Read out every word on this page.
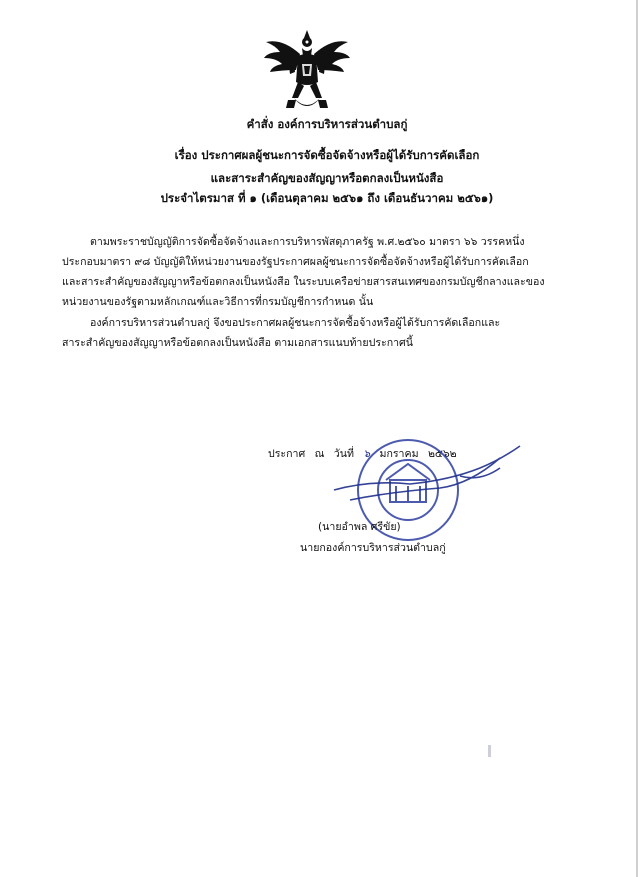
คำสั่ง องค์การบริหารส่วนตำบลกู่
เรื่อง ประกาศผลผู้ชนะการจัดซื้อจัดจ้างหรือผู้ได้รับการคัดเลือก
และสาระสำคัญของสัญญาหรือตกลงเป็นหนังสือ
ประจำไตรมาส ที่ ๑ (เดือนตุลาคม ๒๕๖๑ ถึง เดือนธันวาคม ๒๕๖๑)
ตามพระราชบัญญัติการจัดซื้อจัดจ้างและการบริหารพัสดุภาครัฐ พ.ศ.๒๕๖๐ มาตรา ๖๖ วรรคหนึ่ง
ประกอบมาตรา ๙๘ บัญญัติให้หน่วยงานของรัฐประกาศผลผู้ชนะการจัดซื้อจัดจ้างหรือผู้ได้รับการคัดเลือก
และสาระสำคัญของสัญญาหรือข้อตกลงเป็นหนังสือ ในระบบเครือข่ายสารสนเทศของกรมบัญชีกลางและของ
หน่วยงานของรัฐตามหลักเกณฑ์และวิธีการที่กรมบัญชีการกำหนด นั้น
องค์การบริหารส่วนตำบลกู่ จึงขอประกาศผลผู้ชนะการจัดซื้อจ้างหรือผู้ได้รับการคัดเลือกและ
สาระสำคัญของสัญญาหรือข้อตกลงเป็นหนังสือ ตามเอกสารแนบท้ายประกาศนี้
ประกาศ ณ วันที่ ๖ มกราคม ๒๕๖๒
(นายอำพล ศรีขัย)
นายกองค์การบริหารส่วนตำบลกู่
